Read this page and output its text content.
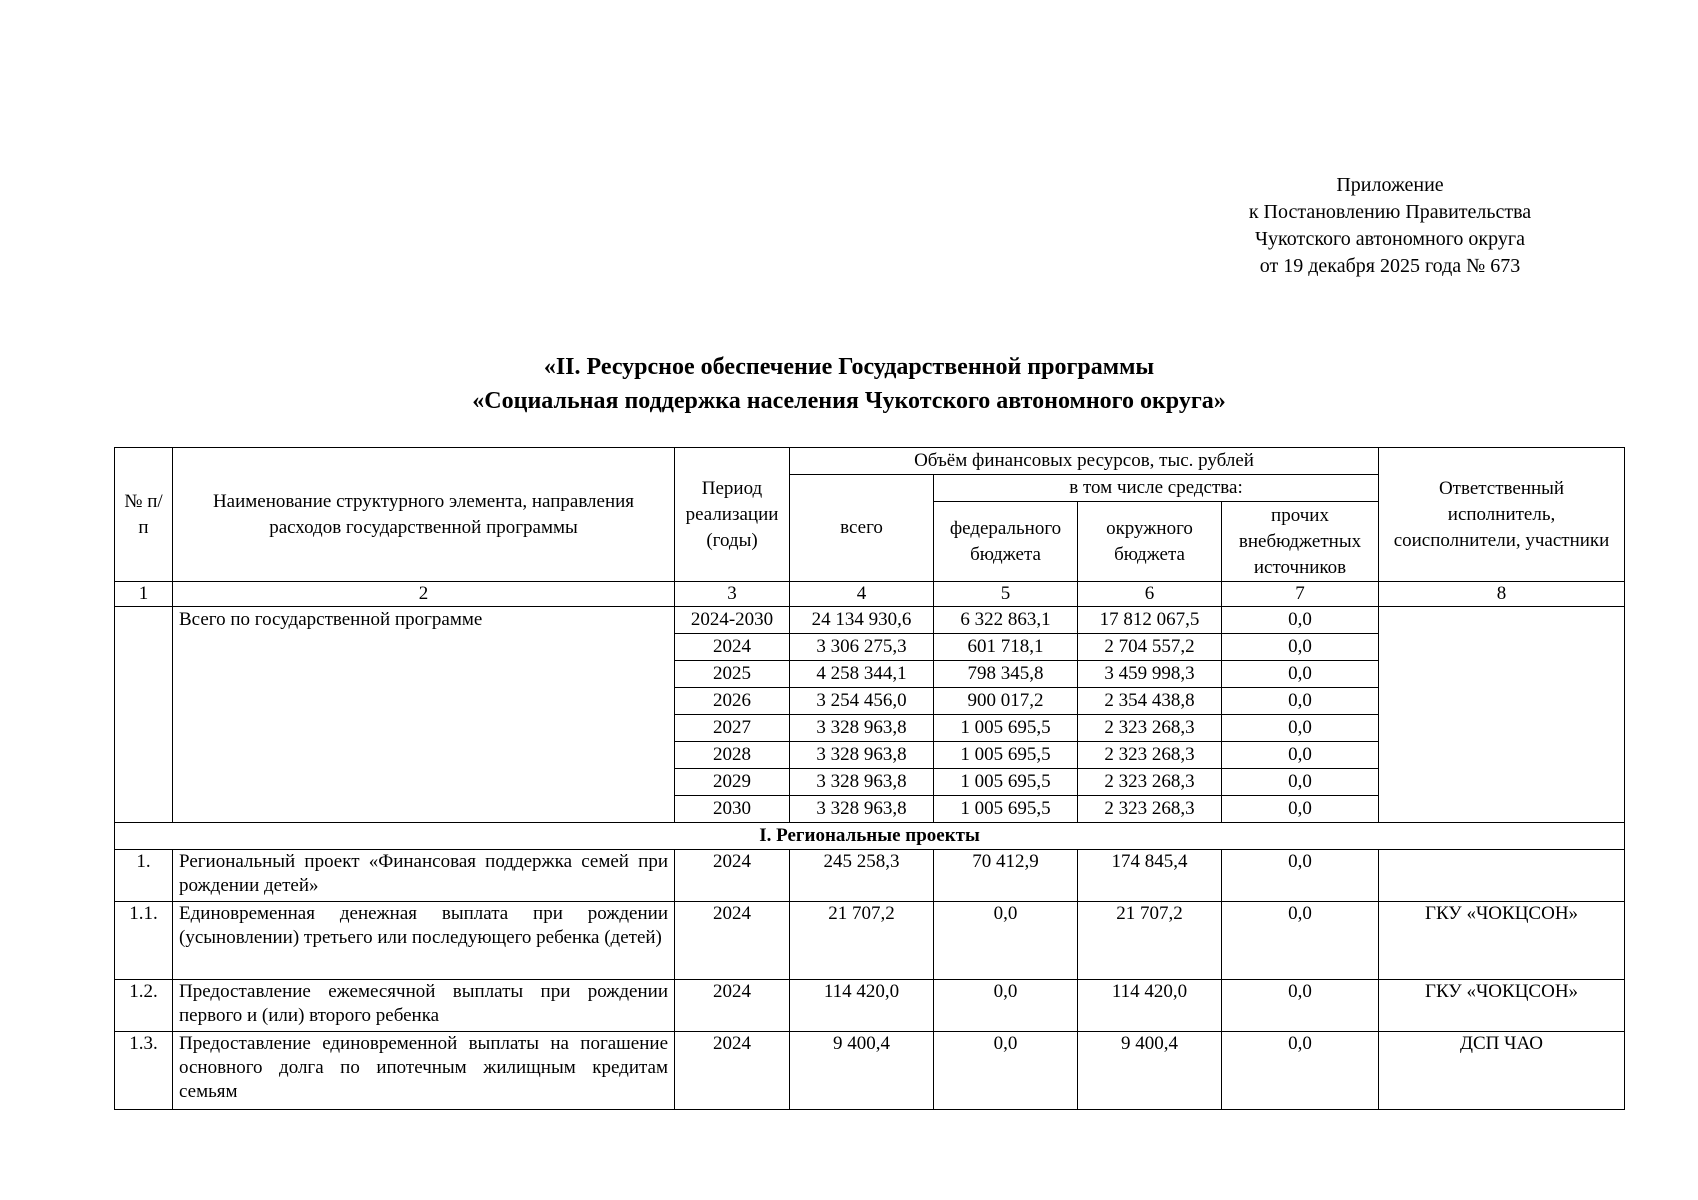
Приложение
к Постановлению Правительства
Чукотского автономного округа
от 19 декабря 2025 года № 673
«II. Ресурсное обеспечение Государственной программы
«Социальная поддержка населения Чукотского автономного округа»
№ п/п	Наименование структурного элемента, направления расходов государственной программы	Период реализации (годы)	Объём финансовых ресурсов, тыс. рублей				Ответственный исполнитель, соисполнители, участники
			всего	в том числе средства:			
				федерального бюджета	окружного бюджета	прочих внебюджетных источников	
1	2	3	4	5	6	7	8
	Всего по государственной программе	2024-2030	24 134 930,6	6 322 863,1	17 812 067,5	0,0	
		2024	3 306 275,3	601 718,1	2 704 557,2	0,0	
		2025	4 258 344,1	798 345,8	3 459 998,3	0,0	
		2026	3 254 456,0	900 017,2	2 354 438,8	0,0	
		2027	3 328 963,8	1 005 695,5	2 323 268,3	0,0	
		2028	3 328 963,8	1 005 695,5	2 323 268,3	0,0	
		2029	3 328 963,8	1 005 695,5	2 323 268,3	0,0	
		2030	3 328 963,8	1 005 695,5	2 323 268,3	0,0	
I. Региональные проекты							
1.	Региональный проект «Финансовая поддержка семей при рождении детей»	2024	245 258,3	70 412,9	174 845,4	0,0	
1.1.	Единовременная денежная выплата при рождении (усыновлении) третьего или последующего ребенка (детей)	2024	21 707,2	0,0	21 707,2	0,0	ГКУ «ЧОКЦСОН»
1.2.	Предоставление ежемесячной выплаты при рождении первого и (или) второго ребенка	2024	114 420,0	0,0	114 420,0	0,0	ГКУ «ЧОКЦСОН»
1.3.	Предоставление единовременной выплаты на погашение основного долга по ипотечным жилищным кредитам семьям	2024	9 400,4	0,0	9 400,4	0,0	ДСП ЧАО
